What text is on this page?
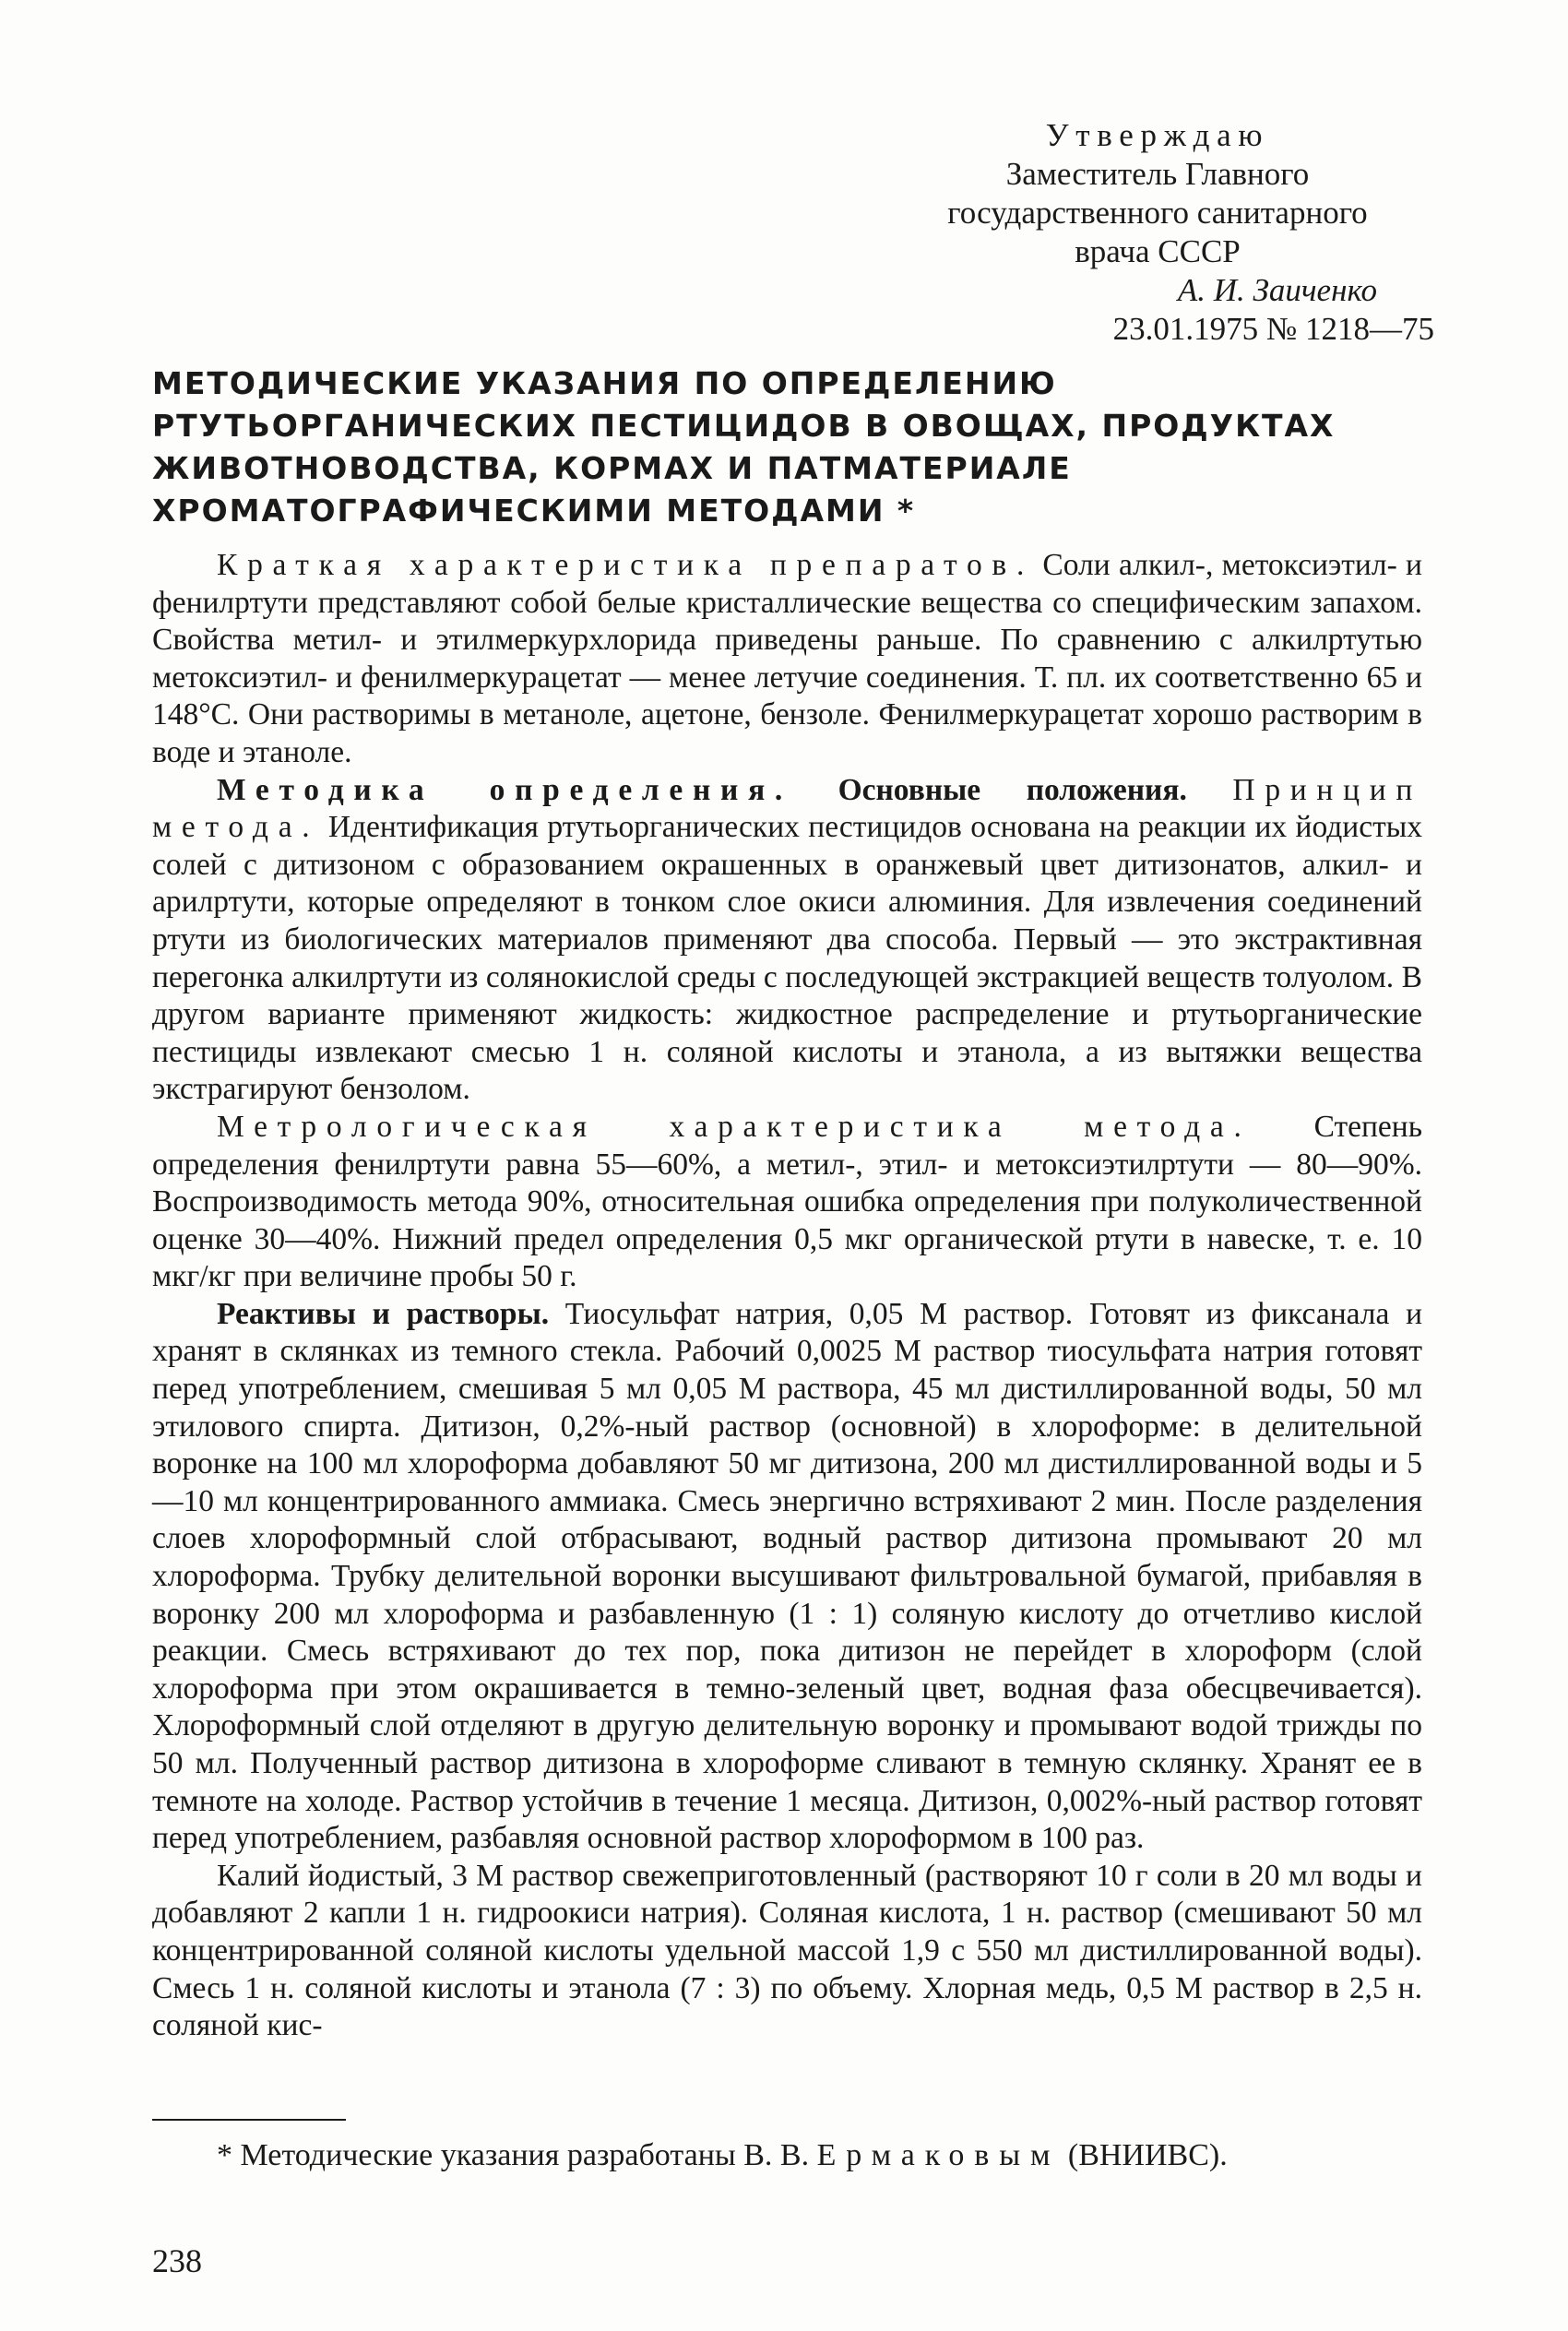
Утверждаю
Заместитель Главного
государственного санитарного
врача СССР
А. И. Заиченко
23.01.1975 № 1218—75
МЕТОДИЧЕСКИЕ УКАЗАНИЯ ПО ОПРЕДЕЛЕНИЮ
РТУТЬОРГАНИЧЕСКИХ ПЕСТИЦИДОВ В ОВОЩАХ, ПРОДУКТАХ
ЖИВОТНОВОДСТВА, КОРМАХ И ПАТМАТЕРИАЛЕ
ХРОМАТОГРАФИЧЕСКИМИ МЕТОДАМИ *

Краткая характеристика препаратов. Соли алкил-, метоксиэтил- и фенилртути представляют собой белые кристаллические вещества со специфическим запахом. Свойства метил- и этилмеркурхлорида приведены раньше. По сравнению с алкилртутью метоксиэтил- и фенилмеркурацетат — менее летучие соединения. Т. пл. их соответственно 65 и 148°С. Они растворимы в метаноле, ацетоне, бензоле. Фенилмеркурацетат хорошо растворим в воде и этаноле.

Методика определения. Основные положения. Принцип метода. Идентификация ртутьорганических пестицидов основана на реакции их йодистых солей с дитизоном с образованием окрашенных в оранжевый цвет дитизонатов, алкил- и арилртути, которые определяют в тонком слое окиси алюминия. Для извлечения соединений ртути из биологических материалов применяют два способа. Первый — это экстрактивная перегонка алкилртути из солянокислой среды с последующей экстракцией веществ толуолом. В другом варианте применяют жидкость: жидкостное распределение и ртутьорганические пестициды извлекают смесью 1 н. соляной кислоты и этанола, а из вытяжки вещества экстрагируют бензолом.

Метрологическая характеристика метода. Степень определения фенилртути равна 55—60%, а метил-, этил- и метоксиэтилртути — 80—90%. Воспроизводимость метода 90%, относительная ошибка определения при полуколичественной оценке 30—40%. Нижний предел определения 0,5 мкг органической ртути в навеске, т. е. 10 мкг/кг при величине пробы 50 г.

Реактивы и растворы. Тиосульфат натрия, 0,05 М раствор. Готовят из фиксанала и хранят в склянках из темного стекла. Рабочий 0,0025 М раствор тиосульфата натрия готовят перед употреблением, смешивая 5 мл 0,05 М раствора, 45 мл дистиллированной воды, 50 мл этилового спирта. Дитизон, 0,2%-ный раствор (основной) в хлороформе: в делительной воронке на 100 мл хлороформа добавляют 50 мг дитизона, 200 мл дистиллированной воды и 5—10 мл концентрированного аммиака. Смесь энергично встряхивают 2 мин. После разделения слоев хлороформный слой отбрасывают, водный раствор дитизона промывают 20 мл хлороформа. Трубку делительной воронки высушивают фильтровальной бумагой, прибавляя в воронку 200 мл хлороформа и разбавленную (1 : 1) соляную кислоту до отчетливо кислой реакции. Смесь встряхивают до тех пор, пока дитизон не перейдет в хлороформ (слой хлороформа при этом окрашивается в темно-зеленый цвет, водная фаза обесцвечивается). Хлороформный слой отделяют в другую делительную воронку и промывают водой трижды по 50 мл. Полученный раствор дитизона в хлороформе сливают в темную склянку. Хранят ее в темноте на холоде. Раствор устойчив в течение 1 месяца. Дитизон, 0,002%-ный раствор готовят перед употреблением, разбавляя основной раствор хлороформом в 100 раз.

Калий йодистый, 3 М раствор свежеприготовленный (растворяют 10 г соли в 20 мл воды и добавляют 2 капли 1 н. гидроокиси натрия). Соляная кислота, 1 н. раствор (смешивают 50 мл концентрированной соляной кислоты удельной массой 1,9 с 550 мл дистиллированной воды). Смесь 1 н. соляной кислоты и этанола (7 : 3) по объему. Хлорная медь, 0,5 М раствор в 2,5 н. соляной кис-

* Методические указания разработаны В. В. Ермаковым (ВНИИВС).
238
